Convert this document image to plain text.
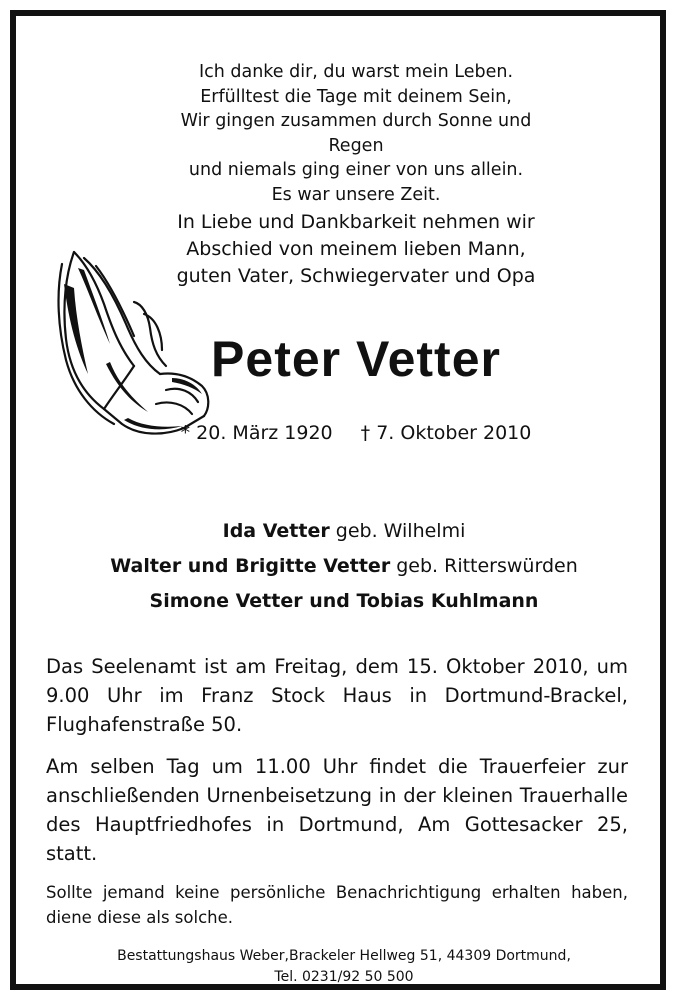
Ich danke dir, du warst mein Leben.
Erfülltest die Tage mit deinem Sein,
Wir gingen zusammen durch Sonne und Regen
und niemals ging einer von uns allein.
Es war unsere Zeit.
In Liebe und Dankbarkeit nehmen wir
Abschied von meinem lieben Mann,
guten Vater, Schwiegervater und Opa
Peter Vetter
* 20. März 1920 † 7. Oktober 2010
Ida Vetter geb. Wilhelmi
Walter und Brigitte Vetter geb. Ritterswürden
Simone Vetter und Tobias Kuhlmann
Das Seelenamt ist am Freitag, dem 15. Oktober 2010, um 9.00 Uhr im Franz Stock Haus in Dortmund-Brackel, Flughafenstraße 50.
Am selben Tag um 11.00 Uhr findet die Trauerfeier zur anschließenden Urnenbeisetzung in der kleinen Trauerhalle des Hauptfriedhofes in Dortmund, Am Gottesacker 25, statt.
Sollte jemand keine persönliche Benachrichtigung erhalten haben, diene diese als solche.
Bestattungshaus Weber,Brackeler Hellweg 51, 44309 Dortmund,
Tel. 0231/92 50 500
